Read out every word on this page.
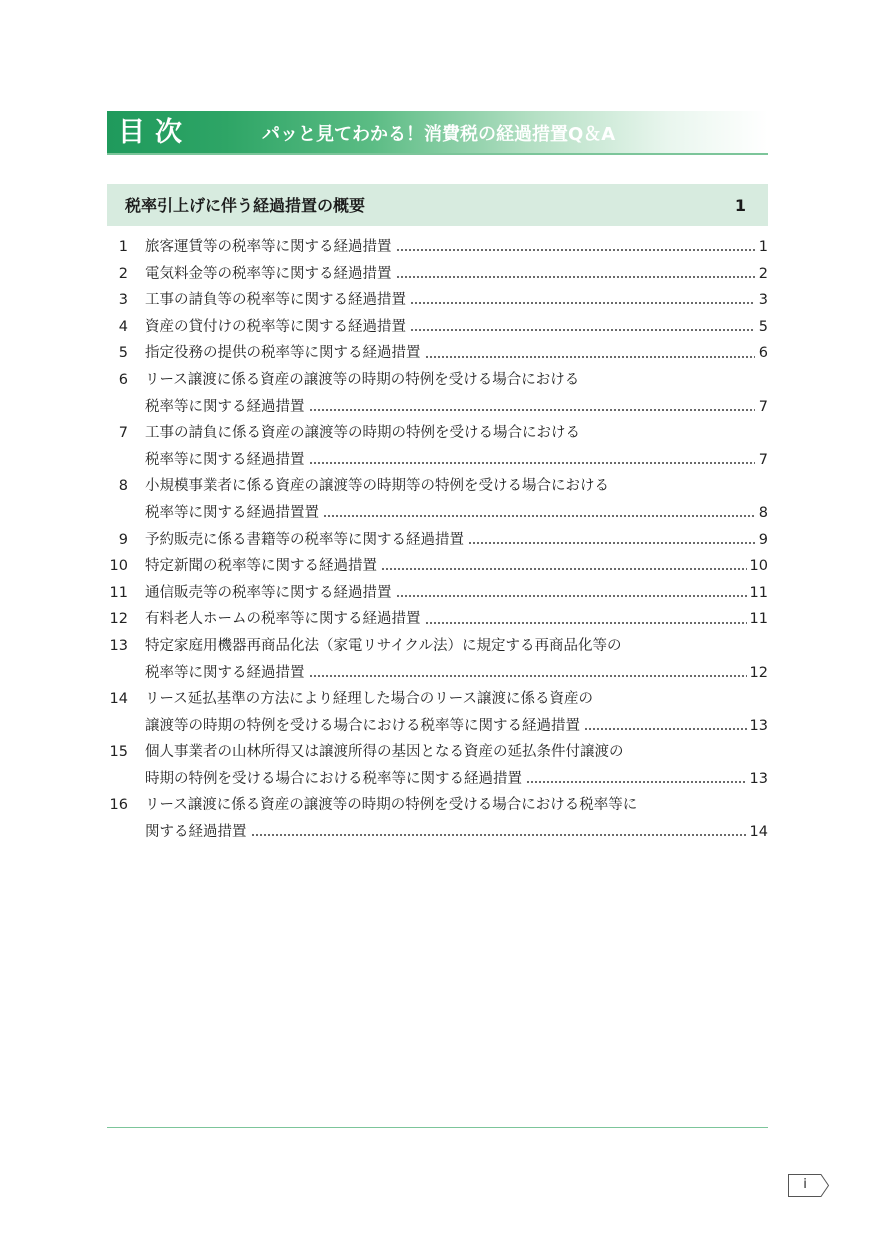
目次	パッと見てわかる！消費税の経過措置Q＆A
税率引上げに伴う経過措置の概要	1
1 旅客運賃等の税率等に関する経過措置	1
2 電気料金等の税率等に関する経過措置	2
3 工事の請負等の税率等に関する経過措置	3
4 資産の貸付けの税率等に関する経過措置	5
5 指定役務の提供の税率等に関する経過措置	6
6 リース譲渡に係る資産の譲渡等の時期の特例を受ける場合における
税率等に関する経過措置	7
7 工事の請負に係る資産の譲渡等の時期の特例を受ける場合における
税率等に関する経過措置	7
8 小規模事業者に係る資産の譲渡等の時期等の特例を受ける場合における
税率等に関する経過措置置	8
9 予約販売に係る書籍等の税率等に関する経過措置	9
10 特定新聞の税率等に関する経過措置	10
11 通信販売等の税率等に関する経過措置	11
12 有料老人ホームの税率等に関する経過措置	11
13 特定家庭用機器再商品化法（家電リサイクル法）に規定する再商品化等の
税率等に関する経過措置	12
14 リース延払基準の方法により経理した場合のリース譲渡に係る資産の
譲渡等の時期の特例を受ける場合における税率等に関する経過措置	13
15 個人事業者の山林所得又は譲渡所得の基因となる資産の延払条件付譲渡の
時期の特例を受ける場合における税率等に関する経過措置	13
16 リース譲渡に係る資産の譲渡等の時期の特例を受ける場合における税率等に
関する経過措置	14
i
